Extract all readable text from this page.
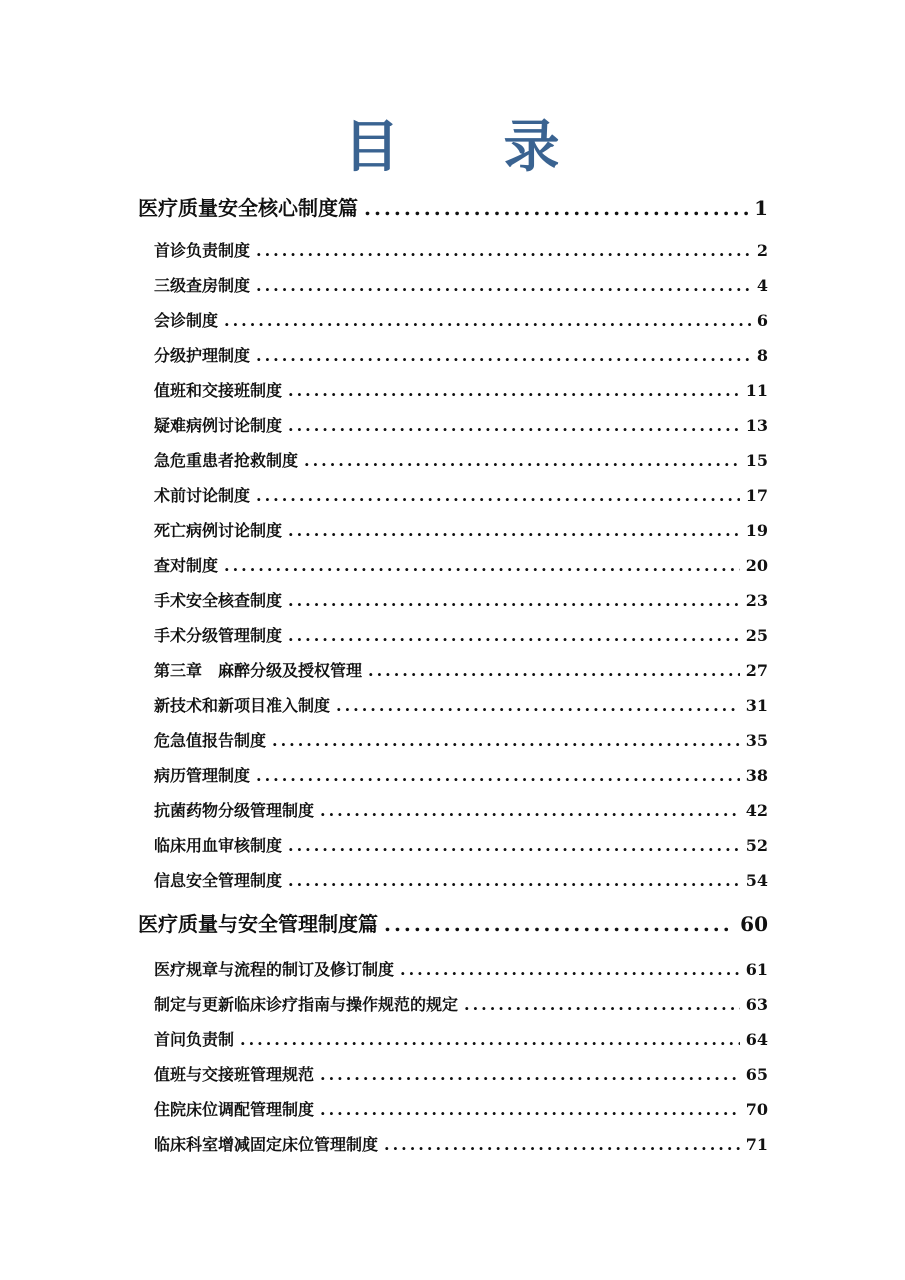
目 录
医疗质量安全核心制度篇 .....	1
首诊负责制度 .....	2
三级查房制度 .....	4
会诊制度 .....	6
分级护理制度 .....	8
值班和交接班制度 .....	11
疑难病例讨论制度 .....	13
急危重患者抢救制度 .....	15
术前讨论制度 .....	17
死亡病例讨论制度 .....	19
查对制度 .....	20
手术安全核查制度 .....	23
手术分级管理制度 .....	25
第三章　麻醉分级及授权管理 .....	27
新技术和新项目准入制度 .....	31
危急值报告制度 .....	35
病历管理制度 .....	38
抗菌药物分级管理制度 .....	42
临床用血审核制度 .....	52
信息安全管理制度 .....	54
医疗质量与安全管理制度篇 .....	60
医疗规章与流程的制订及修订制度 .....	61
制定与更新临床诊疗指南与操作规范的规定 .....	63
首问负责制 .....	64
值班与交接班管理规范 .....	65
住院床位调配管理制度 .....	70
临床科室增减固定床位管理制度 .....	71
